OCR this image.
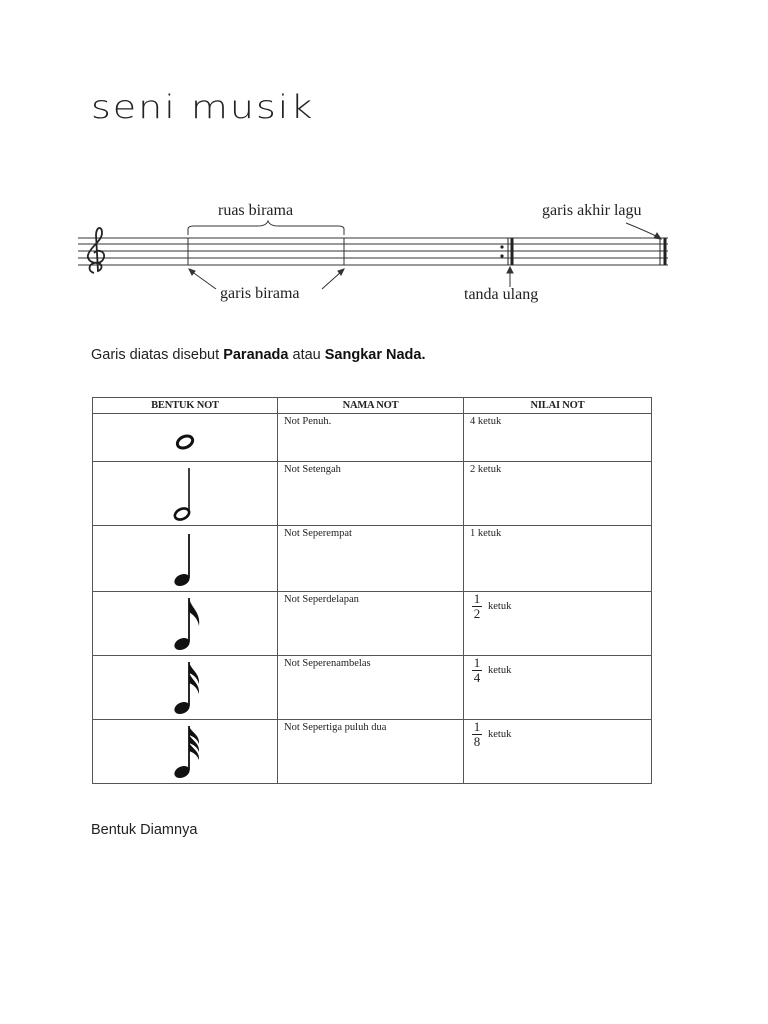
seni musik
ruas birama
garis birama	tanda ulang
garis akhir lagu
Garis diatas disebut Paranada atau Sangkar Nada.
BENTUK NOT	NAMA NOT	NILAI NOT

Not Penuh.	4 ketuk

Not Setengah	2 ketuk

Not Seperempat	1 ketuk

Not Seperdelapan	$\frac{1}{2}$ ketuk

Not Seperenambelas	$\frac{1}{4}$ ketuk

Not Sepertiga puluh dua	$\frac{1}{8}$ ketuk
Bentuk Diamnya
